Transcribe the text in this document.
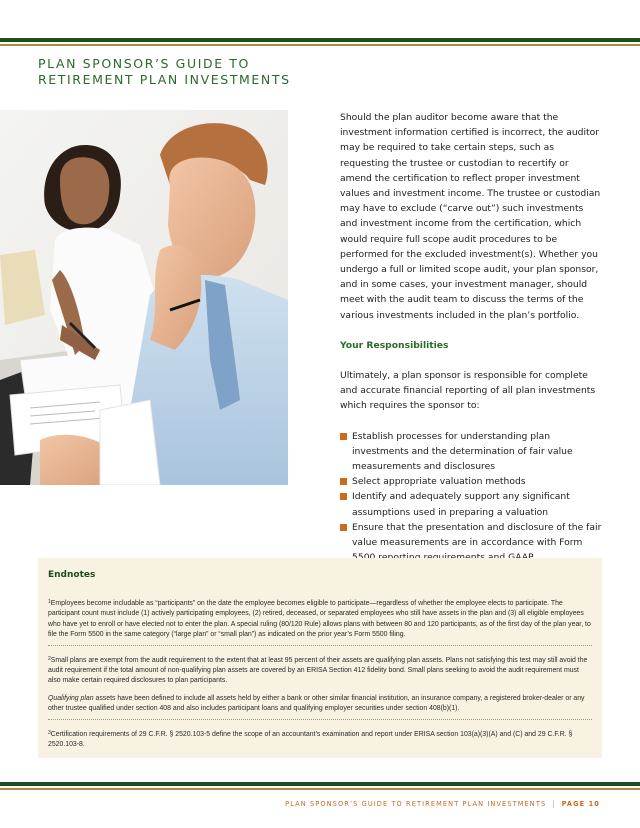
PLAN SPONSOR’S GUIDE TO
RETIREMENT PLAN INVESTMENTS

Should the plan auditor become aware that the investment information certified is incorrect, the auditor may be required to take certain steps, such as requesting the trustee or custodian to recertify or amend the certification to reflect proper investment values and investment income. The trustee or custodian may have to exclude (“carve out”) such investments and investment income from the certification, which would require full scope audit procedures to be performed for the excluded investment(s). Whether you undergo a full or limited scope audit, your plan sponsor, and in some cases, your investment manager, should meet with the audit team to discuss the terms of the various investments included in the plan’s portfolio.

Your Responsibilities

Ultimately, a plan sponsor is responsible for complete and accurate financial reporting of all plan investments which requires the sponsor to:

Establish processes for understanding plan investments and the determination of fair value measurements and disclosures
Select appropriate valuation methods
Identify and adequately support any significant assumptions used in preparing a valuation
Ensure that the presentation and disclosure of the fair value measurements are in accordance with Form
Endnotes
$^1$Employees become includable as “participants” on the date the employee becomes eligible to participate—regardless of whether the employee elects to participate. The participant count must include (1) actively participating employees, (2) retired, deceased, or separated employees who still have assets in the plan and (3) all eligible employees who have yet to enroll or have elected not to enter the plan. A special ruling (80/120 Rule) allows plans with between 80 and 120 participants, as of the first day of the plan year, to file the Form 5500 in the same category (“large plan” or “small plan”) as indicated on the prior year’s Form 5500 filing.
$^2$Small plans are exempt from the audit requirement to the extent that at least 95 percent of their assets are qualifying plan assets. Plans not satisfying this test may still avoid the audit requirement if the total amount of non-qualifying plan assets are covered by an ERISA Section 412 fidelity bond. Small plans seeking to avoid the audit requirement must also make certain required disclosures to plan participants.
Qualifying plan assets have been defined to include all assets held by either a bank or other similar financial institution, an insurance company, a registered broker-dealer or any other trustee qualified under section 408 and also includes participant loans and qualifying employer securities under section 408(b)(1).
$^3$Certification requirements of 29 C.F.R. § 2520.103-5 define the scope of an accountant’s examination and report under ERISA section 103(a)(3)(A) and (C) and 29 C.F.R. § 2520.103-8.
PLAN SPONSOR’S GUIDE TO RETIREMENT PLAN INVESTMENTS | PAGE 10
